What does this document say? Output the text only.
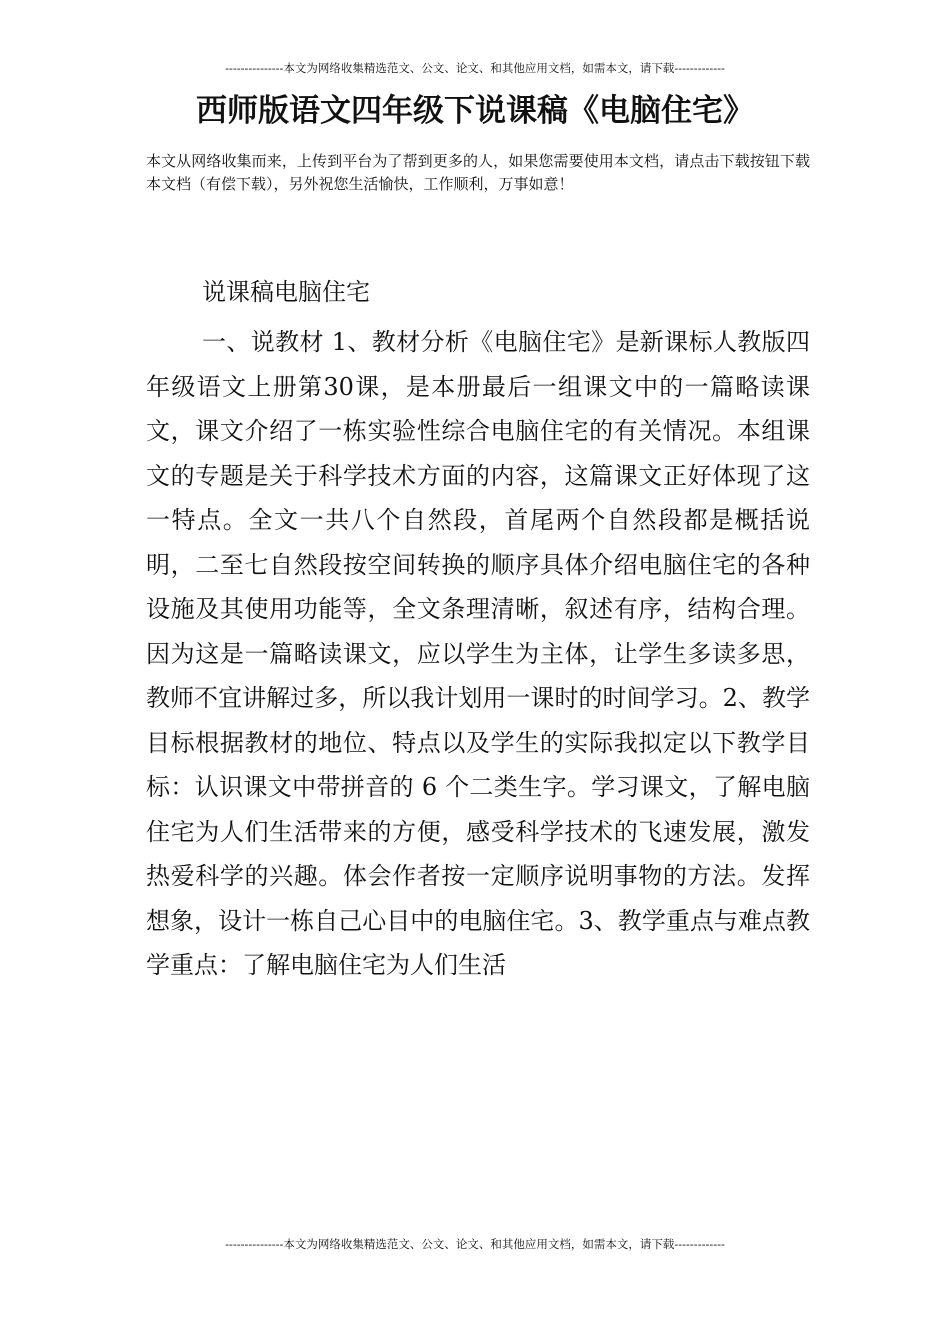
---------------本文为网络收集精选范文、公文、论文、和其他应用文档，如需本文，请下载-------------
西师版语文四年级下说课稿《电脑住宅》
本文从网络收集而来，上传到平台为了帮到更多的人，如果您需要使用本文档，请点击下载按钮下载本文档（有偿下载），另外祝您生活愉快，工作顺利，万事如意！
说课稿电脑住宅
一、说教材 1、教材分析《电脑住宅》是新课标人教版四年级语文上册第30课，是本册最后一组课文中的一篇略读课文，课文介绍了一栋实验性综合电脑住宅的有关情况。本组课文的专题是关于科学技术方面的内容，这篇课文正好体现了这一特点。全文一共八个自然段，首尾两个自然段都是概括说明，二至七自然段按空间转换的顺序具体介绍电脑住宅的各种设施及其使用功能等，全文条理清晰，叙述有序，结构合理。因为这是一篇略读课文，应以学生为主体，让学生多读多思，教师不宜讲解过多，所以我计划用一课时的时间学习。2、教学目标根据教材的地位、特点以及学生的实际我拟定以下教学目标：认识课文中带拼音的 6 个二类生字。学习课文，了解电脑住宅为人们生活带来的方便，感受科学技术的飞速发展，激发热爱科学的兴趣。体会作者按一定顺序说明事物的方法。发挥想象，设计一栋自己心目中的电脑住宅。3、教学重点与难点教学重点：了解电脑住宅为人们生活
---------------本文为网络收集精选范文、公文、论文、和其他应用文档，如需本文，请下载-------------
